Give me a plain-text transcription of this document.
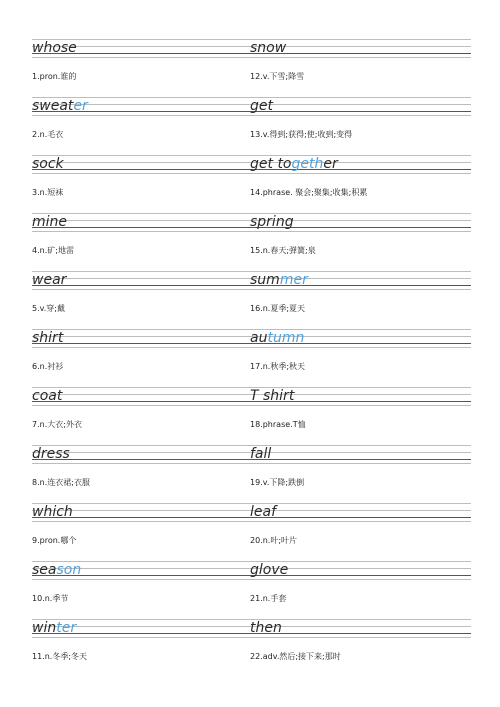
whose
1.pron.谁的
sweater
2.n.毛衣
sock
3.n.短袜
mine
4.n.矿;地雷
wear
5.v.穿;戴
shirt
6.n.衬衫
coat
7.n.大衣;外衣
dress
8.n.连衣裙;衣服
which
9.pron.哪个
season
10.n.季节
winter
11.n.冬季;冬天
snow
12.v.下雪;降雪
get
13.v.得到;获得;使;收到;变得
get together
14.phrase. 聚会;聚集;收集;积累
spring
15.n.春天;弹簧;泉
summer
16.n.夏季;夏天
autumn
17.n.秋季;秋天
T shirt
18.phrase.T恤
fall
19.v.下降;跌倒
leaf
20.n.叶;叶片
glove
21.n.手套
then
22.adv.然后;接下来;那时
